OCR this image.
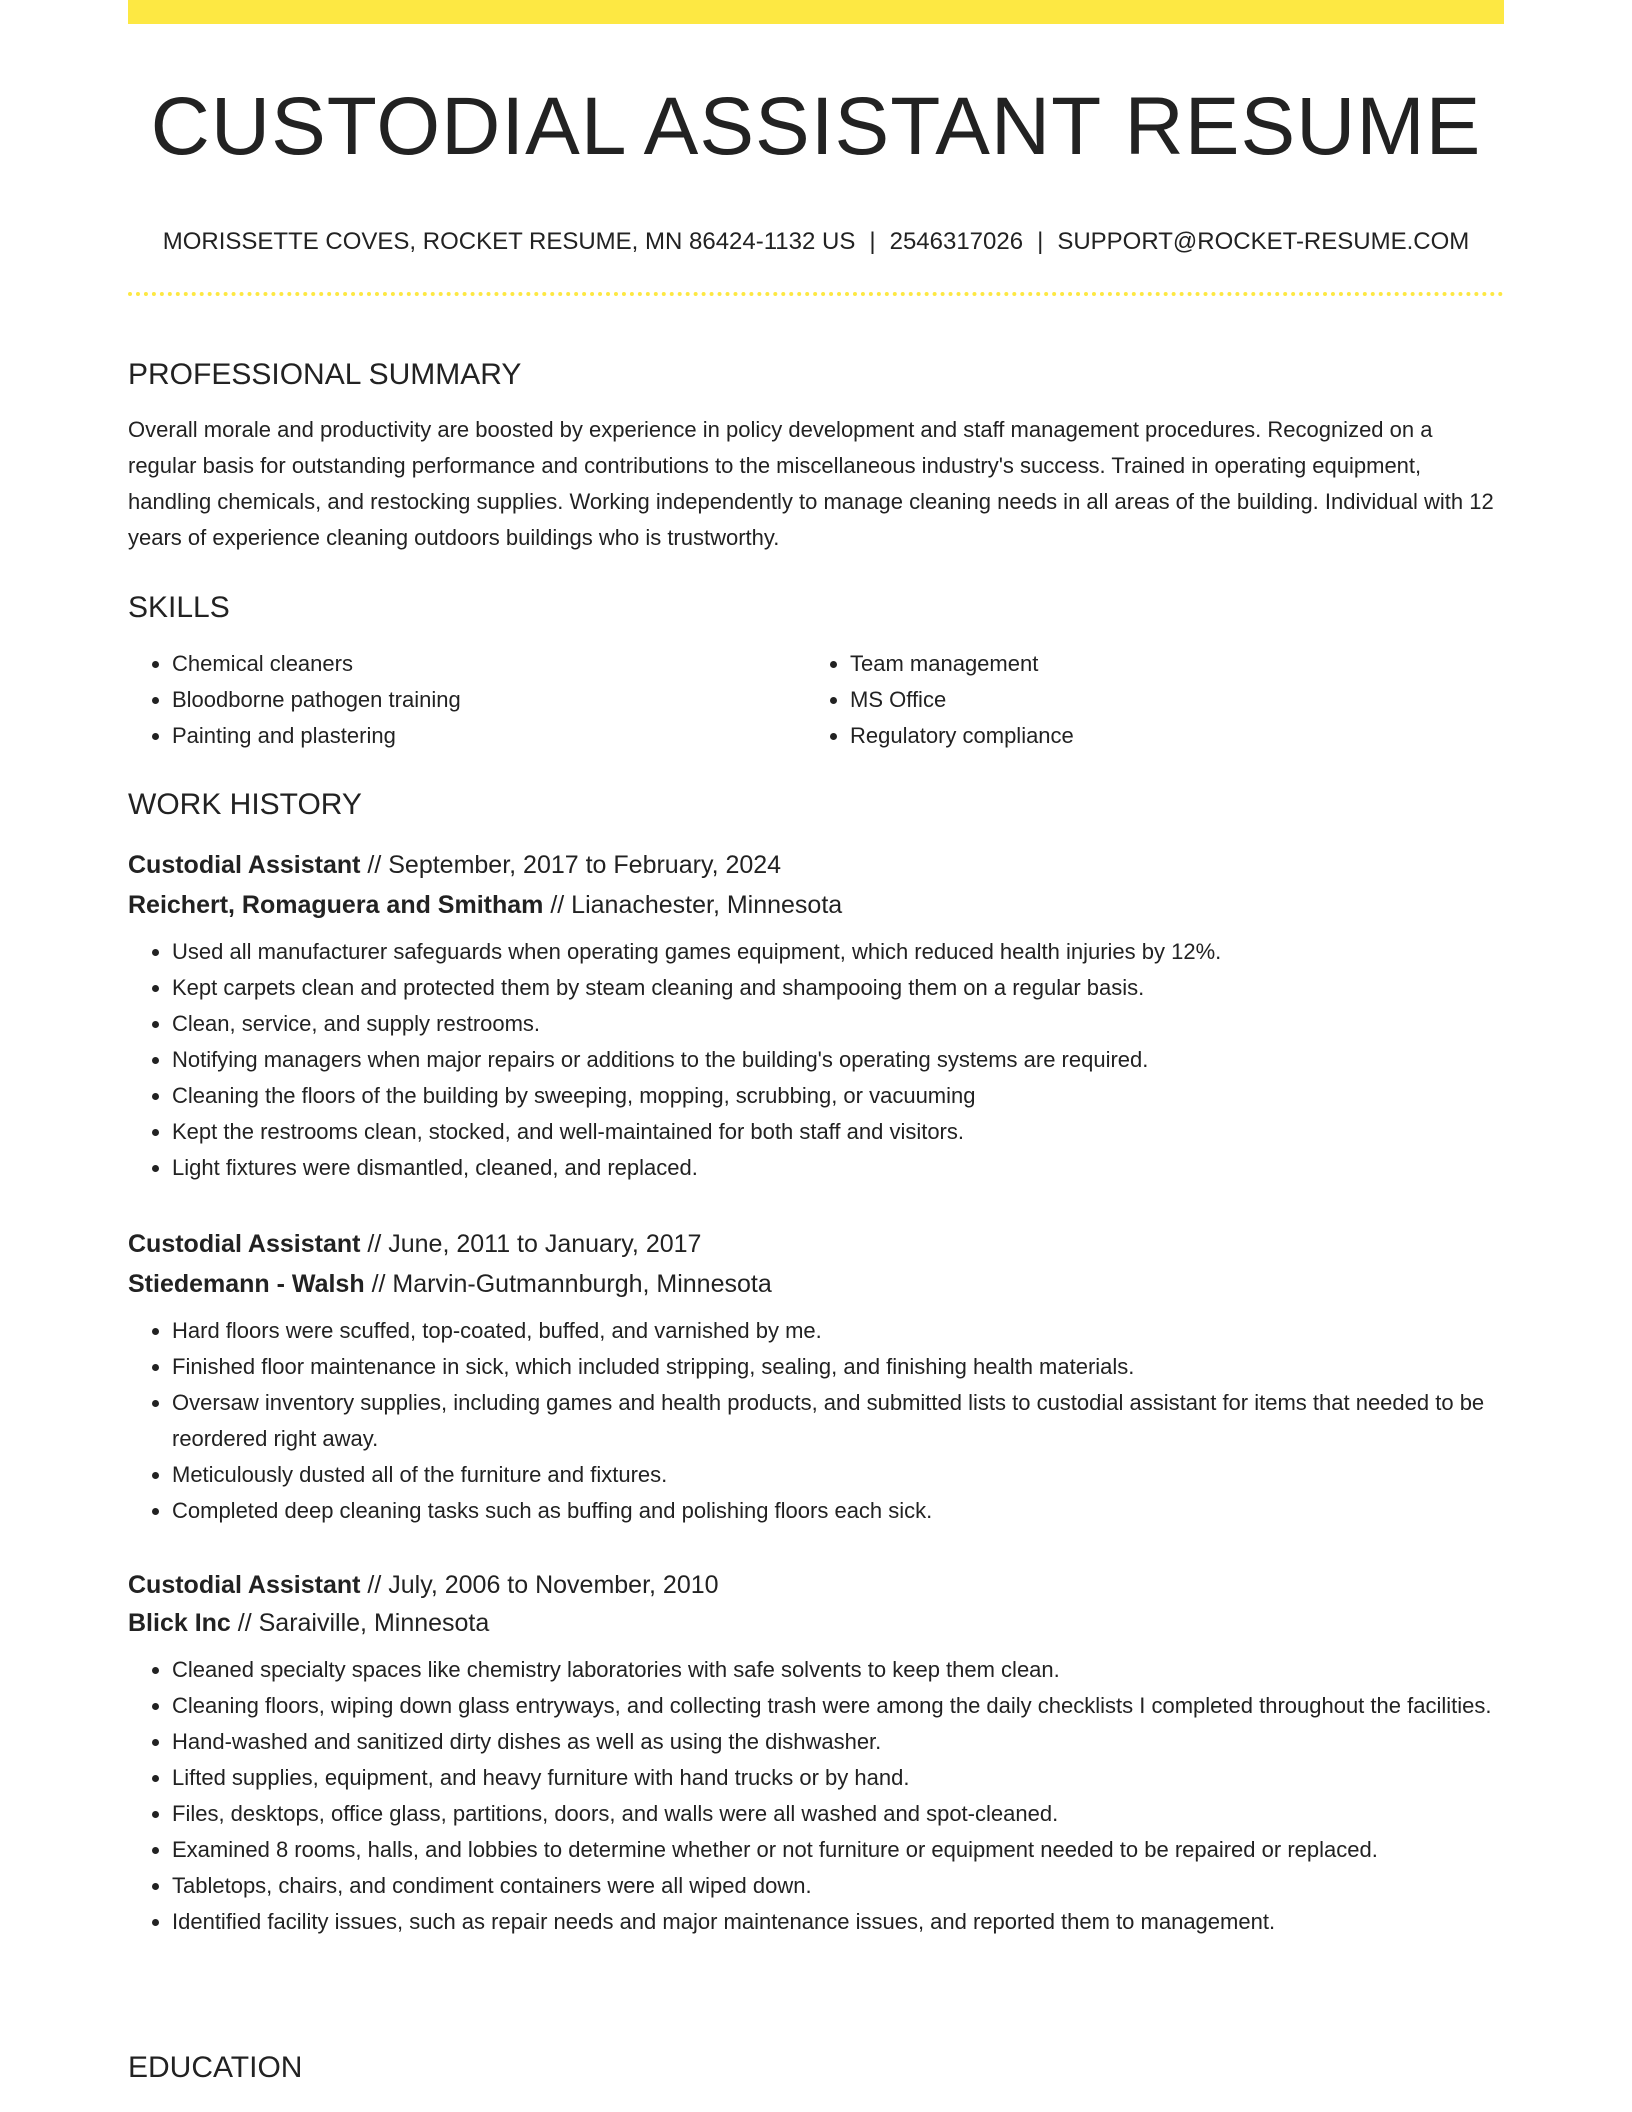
CUSTODIAL ASSISTANT RESUME
MORISSETTE COVES, ROCKET RESUME, MN 86424-1132 US | 2546317026 | SUPPORT@ROCKET-RESUME.COM
PROFESSIONAL SUMMARY

Overall morale and productivity are boosted by experience in policy development and staff management procedures. Recognized on a regular basis for outstanding performance and contributions to the miscellaneous industry's success. Trained in operating equipment, handling chemicals, and restocking supplies. Working independently to manage cleaning needs in all areas of the building. Individual with 12 years of experience cleaning outdoors buildings who is trustworthy.

SKILLS
• Chemical cleaners
• Bloodborne pathogen training
• Painting and plastering
• Team management
• MS Office
• Regulatory compliance
WORK HISTORY
Custodial Assistant // September, 2017 to February, 2024
Reichert, Romaguera and Smitham // Lianachester, Minnesota
• Used all manufacturer safeguards when operating games equipment, which reduced health injuries by 12%.
• Kept carpets clean and protected them by steam cleaning and shampooing them on a regular basis.
• Clean, service, and supply restrooms.
• Notifying managers when major repairs or additions to the building's operating systems are required.
• Cleaning the floors of the building by sweeping, mopping, scrubbing, or vacuuming
• Kept the restrooms clean, stocked, and well-maintained for both staff and visitors.
• Light fixtures were dismantled, cleaned, and replaced.
Custodial Assistant // June, 2011 to January, 2017
Stiedemann - Walsh // Marvin-Gutmannburgh, Minnesota
• Hard floors were scuffed, top-coated, buffed, and varnished by me.
• Finished floor maintenance in sick, which included stripping, sealing, and finishing health materials.
• Oversaw inventory supplies, including games and health products, and submitted lists to custodial assistant for items that needed to be reordered right away.
• Meticulously dusted all of the furniture and fixtures.
• Completed deep cleaning tasks such as buffing and polishing floors each sick.
Custodial Assistant // July, 2006 to November, 2010
Blick Inc // Saraiville, Minnesota
• Cleaned specialty spaces like chemistry laboratories with safe solvents to keep them clean.
• Cleaning floors, wiping down glass entryways, and collecting trash were among the daily checklists I completed throughout the facilities.
• Hand-washed and sanitized dirty dishes as well as using the dishwasher.
• Lifted supplies, equipment, and heavy furniture with hand trucks or by hand.
• Files, desktops, office glass, partitions, doors, and walls were all washed and spot-cleaned.
• Examined 8 rooms, halls, and lobbies to determine whether or not furniture or equipment needed to be repaired or replaced.
• Tabletops, chairs, and condiment containers were all wiped down.
• Identified facility issues, such as repair needs and major maintenance issues, and reported them to management.
EDUCATION
